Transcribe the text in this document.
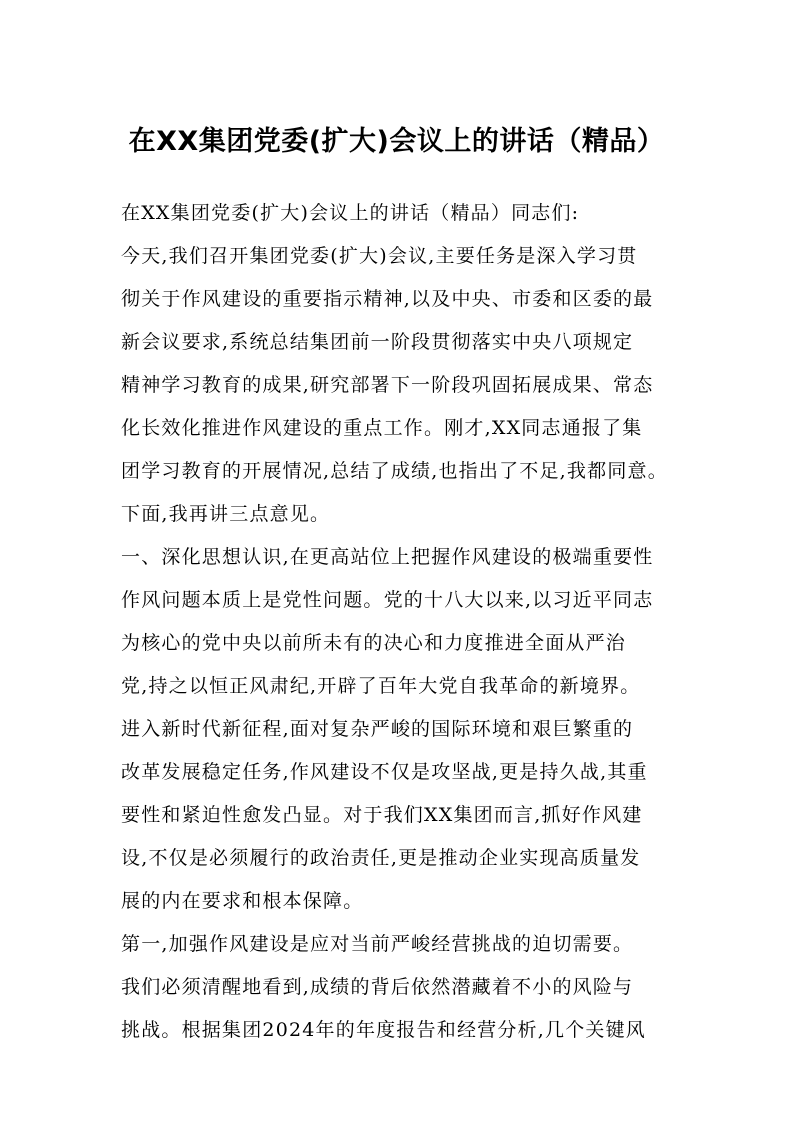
在XX集团党委(扩大)会议上的讲话（精品）
在XX集团党委(扩大)会议上的讲话（精品）同志们:
今天,我们召开集团党委(扩大)会议,主要任务是深入学习贯
彻关于作风建设的重要指示精神,以及中央、市委和区委的最
新会议要求,系统总结集团前一阶段贯彻落实中央八项规定
精神学习教育的成果,研究部署下一阶段巩固拓展成果、常态
化长效化推进作风建设的重点工作。刚才,XX同志通报了集
团学习教育的开展情况,总结了成绩,也指出了不足,我都同意。
下面,我再讲三点意见。
一、深化思想认识,在更高站位上把握作风建设的极端重要性
作风问题本质上是党性问题。党的十八大以来,以习近平同志
为核心的党中央以前所未有的决心和力度推进全面从严治
党,持之以恒正风肃纪,开辟了百年大党自我革命的新境界。
进入新时代新征程,面对复杂严峻的国际环境和艰巨繁重的
改革发展稳定任务,作风建设不仅是攻坚战,更是持久战,其重
要性和紧迫性愈发凸显。对于我们XX集团而言,抓好作风建
设,不仅是必须履行的政治责任,更是推动企业实现高质量发
展的内在要求和根本保障。
第一,加强作风建设是应对当前严峻经营挑战的迫切需要。
我们必须清醒地看到,成绩的背后依然潜藏着不小的风险与
挑战。根据集团2024年的年度报告和经营分析,几个关键风
